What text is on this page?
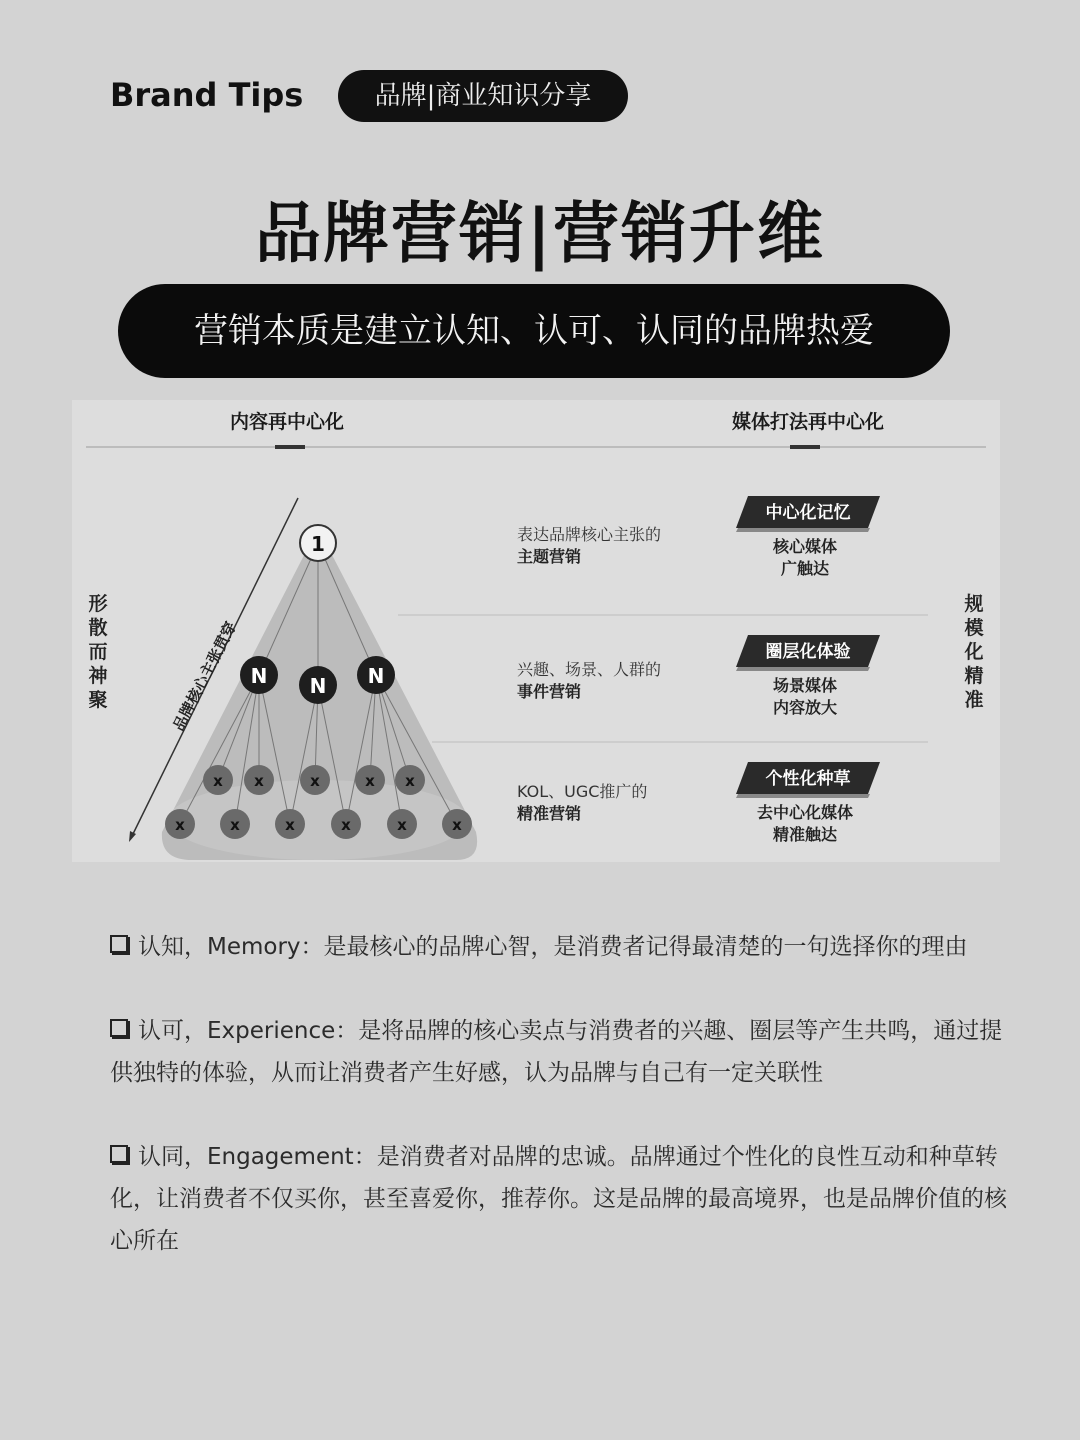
Brand Tips	品牌|商业知识分享
品牌营销|营销升维
营销本质是建立认知、认可、认同的品牌热爱
内容再中心化	媒体打法再中心化
品牌核心主张贯穿
1
N N N
x x	x	x x
x	x	x	x	x	x
形
散
而
神
聚
规
模
化
精
准
表达品牌核心主张的
主题营销
中心化记忆
核心媒体
广触达
兴趣、场景、人群的
事件营销
圈层化体验
场景媒体
内容放大
KOL、UGC推广的
精准营销
个性化种草
去中心化媒体
精准触达
认知，Memory：是最核心的品牌心智，是消费者记得最清楚的一句选择你的理由
认可，Experience：是将品牌的核心卖点与消费者的兴趣、圈层等产生共鸣，通过提供独特的体验，从而让消费者产生好感，认为品牌与自己有一定关联性
认同，Engagement：是消费者对品牌的忠诚。品牌通过个性化的良性互动和种草转化，让消费者不仅买你，甚至喜爱你，推荐你。这是品牌的最高境界，也是品牌价值的核心所在
